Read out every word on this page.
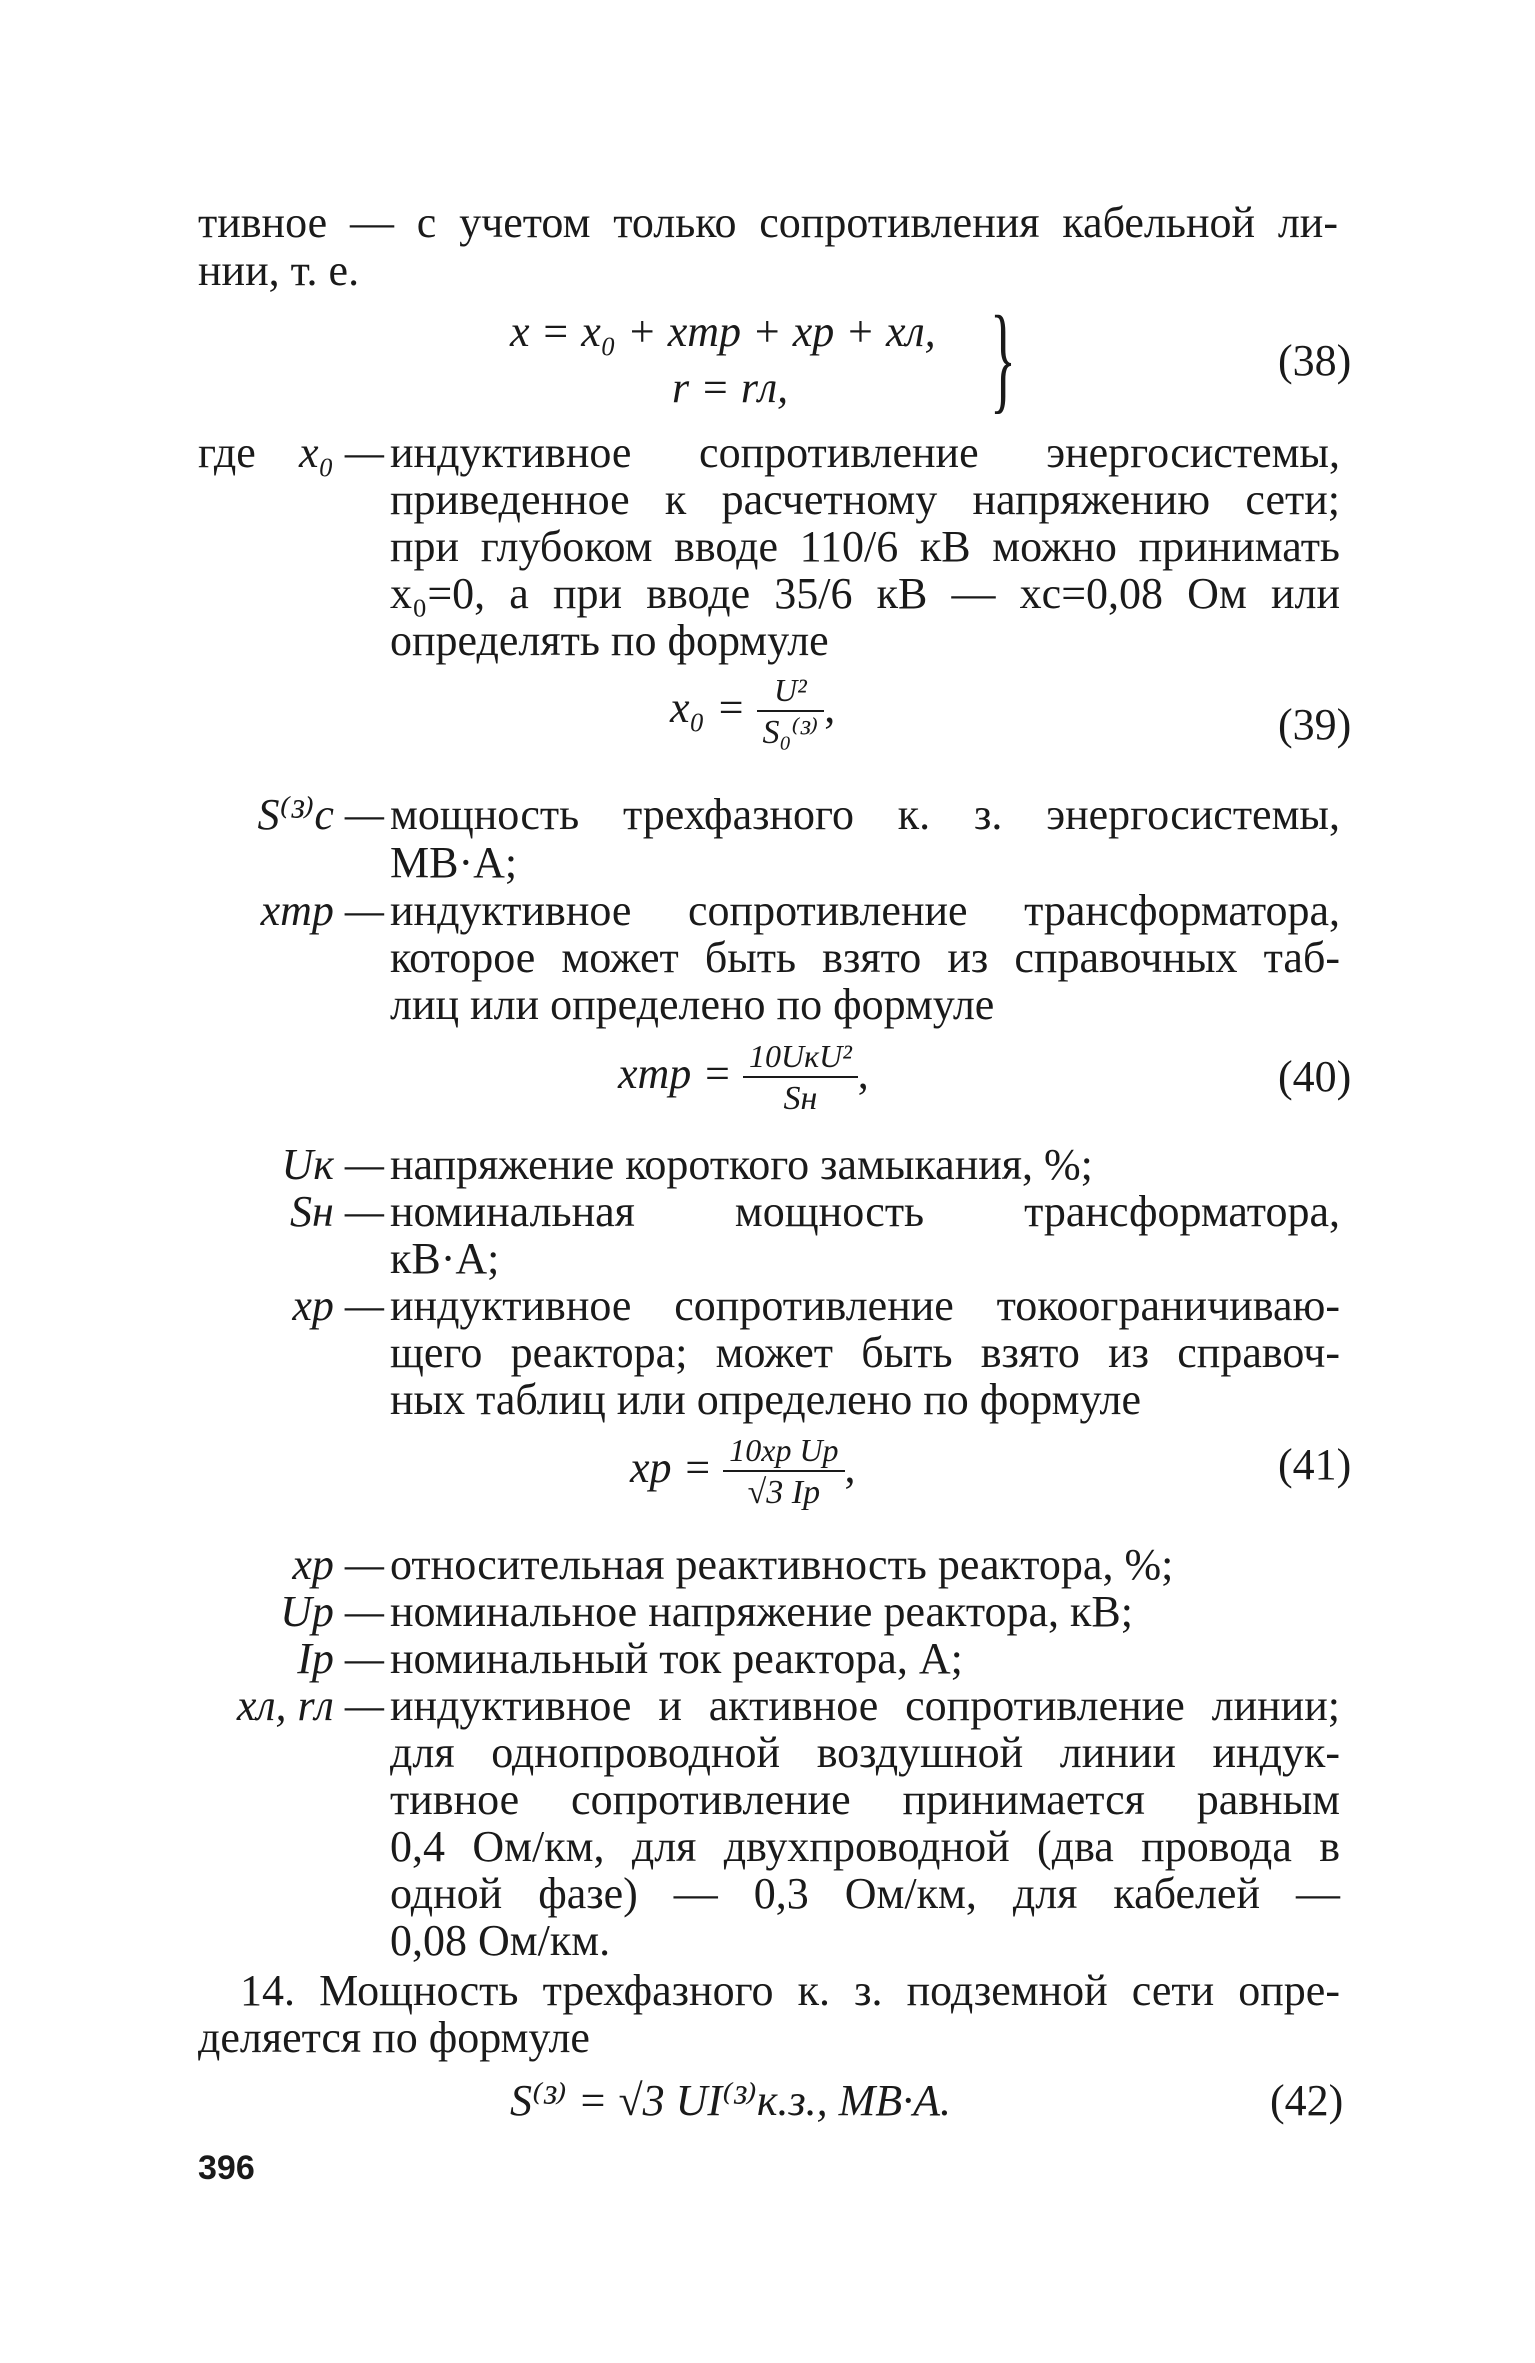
тивное — с учетом только сопротивления кабельной ли-
нии, т. е.
x = x₀ + xтр + xр + xл,
r = rл, }	(38)
где x₀ — индуктивное сопротивление энергосистемы,
приведенное к расчетному напряжению сети;
при глубоком вводе 110/6 кВ можно принимать
x₀=0, а при вводе 35/6 кВ — xс=0,08 Ом или
определять по формуле
$x_0 = \frac{\text{U²}}{\text{S₀⁽³⁾}}$ ,	(39)
S⁽³⁾с — мощность трехфазного к. з. энергосистемы,
МВ·А;
xтр — индуктивное сопротивление трансформатора,
которое может быть взято из справочных таб-
лиц или определено по формуле
xтр = $\frac{\text{10UкU²}}{Sн}$ ,	(40)
Uк — напряжение короткого замыкания, %;
Sн — номинальная мощность трансформатора,
кВ·А;
xр — индуктивное сопротивление токоограничиваю-
щего реактора; может быть взято из справоч-
ных таблиц или определено по формуле
xр = $\frac{\text{10xр Uр}}{√3 Iр}$ ,	(41)
xр — относительная реактивность реактора, %;
Uр — номинальное напряжение реактора, кВ;
Iр — номинальный ток реактора, А;
xл, rл — индуктивное и активное сопротивление линии;
для однопроводной воздушной линии индук-
тивное сопротивление принимается равным
0,4 Ом/км, для двухпроводной (два провода в
одной фазе) — 0,3 Ом/км, для кабелей —
0,08 Ом/км.
14. Мощность трехфазного к. з. подземной сети опре-
деляется по формуле
S⁽³⁾ = √3 UI⁽³⁾к.з., МВ·А.	(42)
396
